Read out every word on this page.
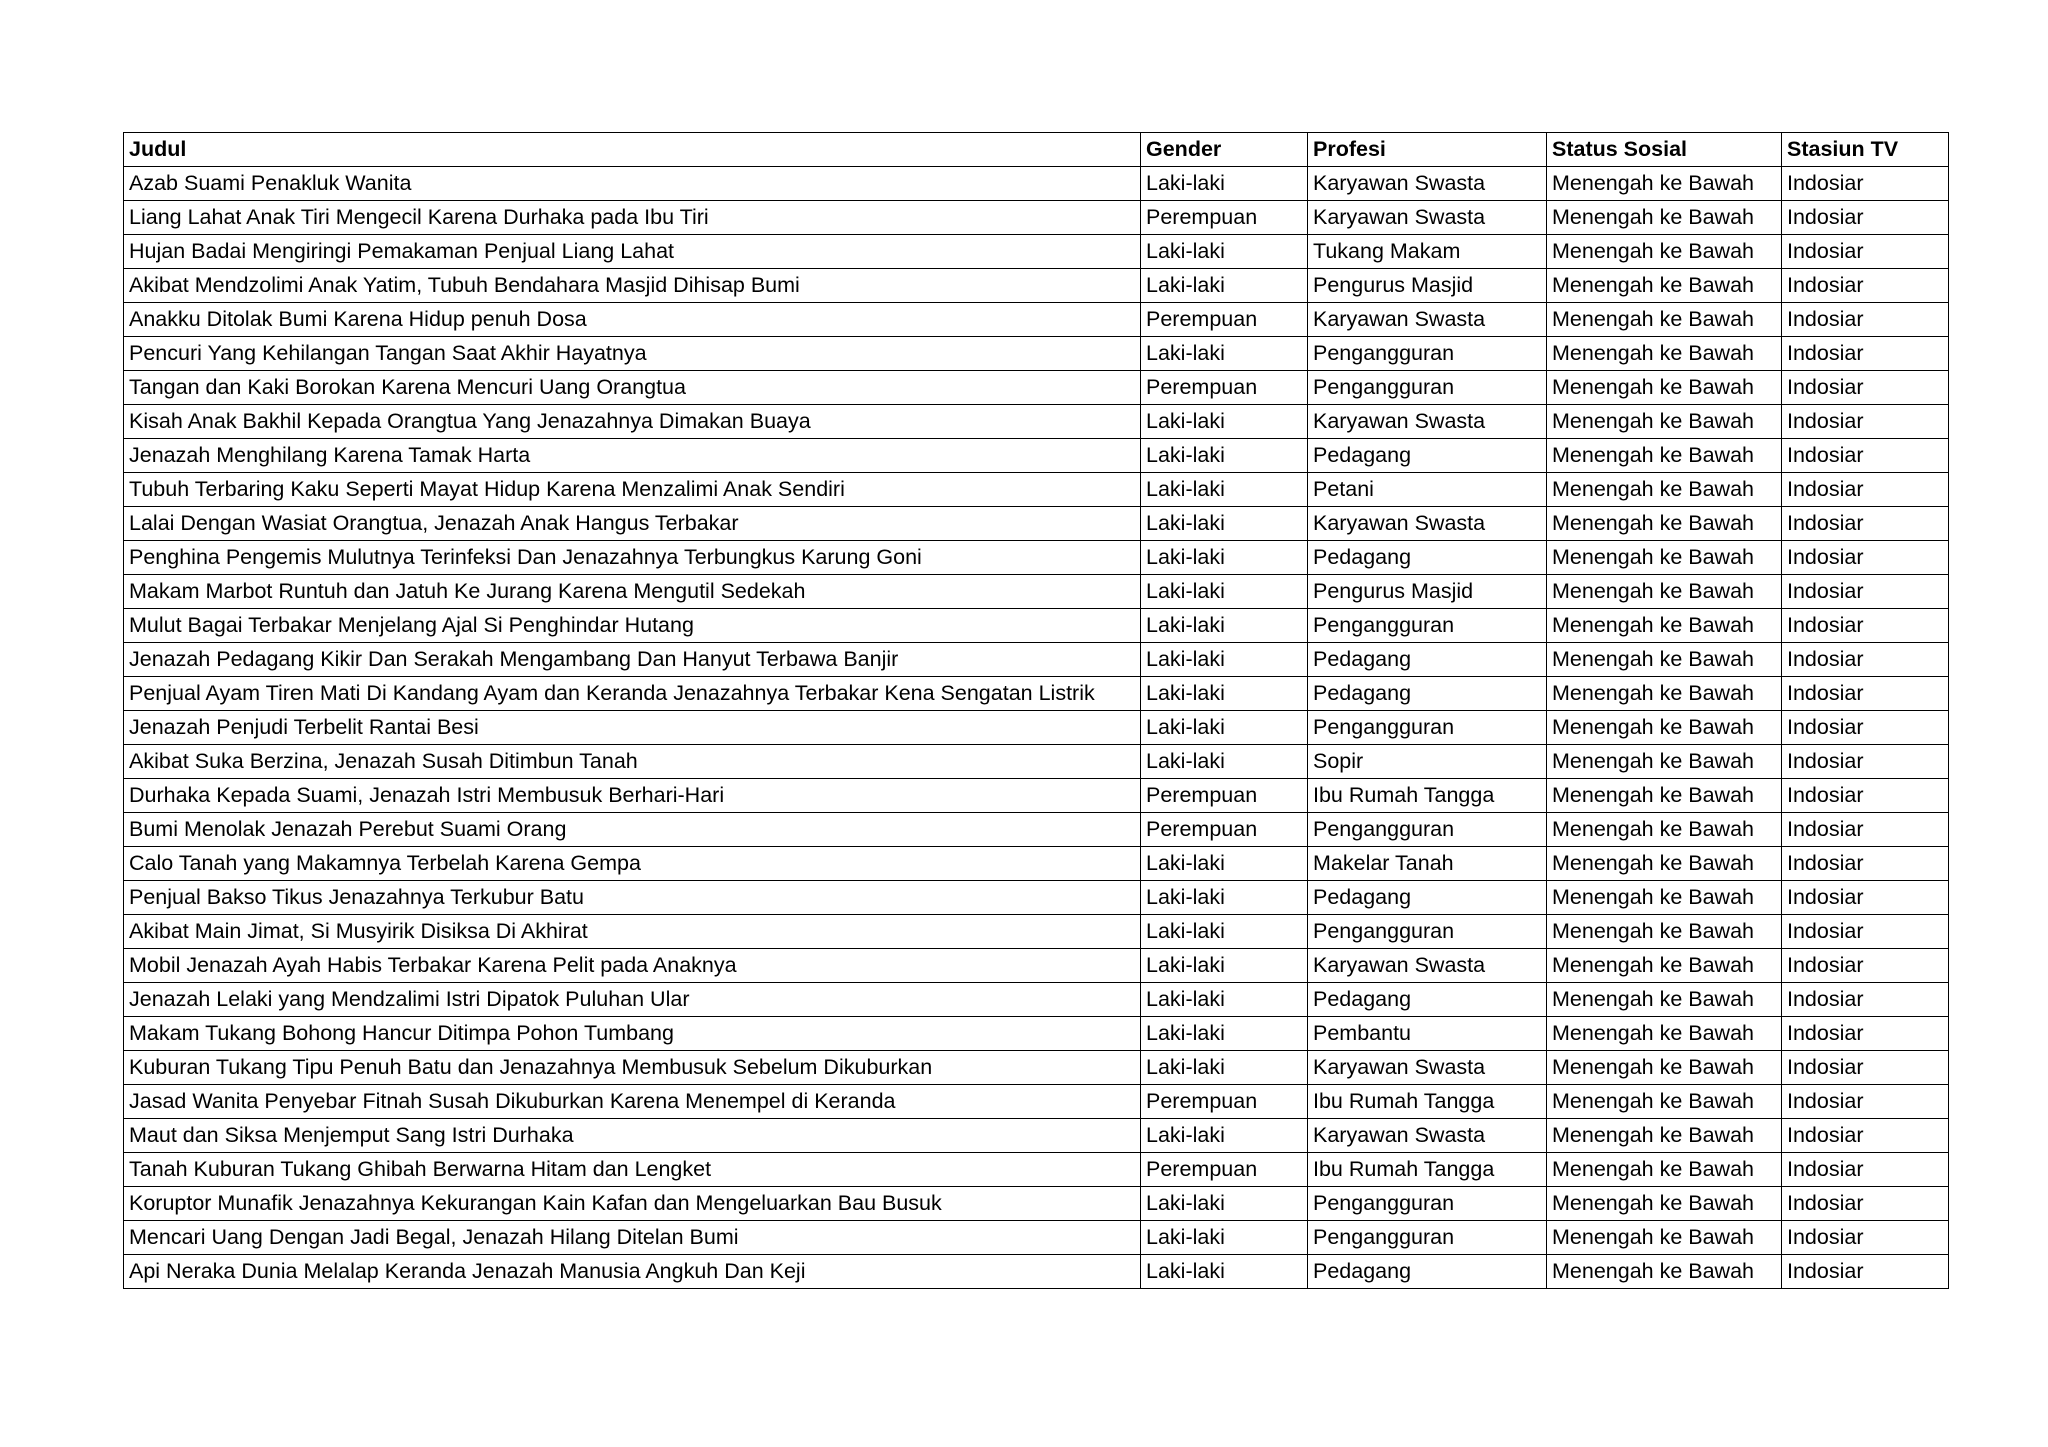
Judul	Gender	Profesi	Status Sosial	Stasiun TV
Azab Suami Penakluk Wanita	Laki-laki	Karyawan Swasta	Menengah ke Bawah	Indosiar
Liang Lahat Anak Tiri Mengecil Karena Durhaka pada Ibu Tiri	Perempuan	Karyawan Swasta	Menengah ke Bawah	Indosiar
Hujan Badai Mengiringi Pemakaman Penjual Liang Lahat	Laki-laki	Tukang Makam	Menengah ke Bawah	Indosiar
Akibat Mendzolimi Anak Yatim, Tubuh Bendahara Masjid Dihisap Bumi	Laki-laki	Pengurus Masjid	Menengah ke Bawah	Indosiar
Anakku Ditolak Bumi Karena Hidup penuh Dosa	Perempuan	Karyawan Swasta	Menengah ke Bawah	Indosiar
Pencuri Yang Kehilangan Tangan Saat Akhir Hayatnya	Laki-laki	Pengangguran	Menengah ke Bawah	Indosiar
Tangan dan Kaki Borokan Karena Mencuri Uang Orangtua	Perempuan	Pengangguran	Menengah ke Bawah	Indosiar
Kisah Anak Bakhil Kepada Orangtua Yang Jenazahnya Dimakan Buaya	Laki-laki	Karyawan Swasta	Menengah ke Bawah	Indosiar
Jenazah Menghilang Karena Tamak Harta	Laki-laki	Pedagang	Menengah ke Bawah	Indosiar
Tubuh Terbaring Kaku Seperti Mayat Hidup Karena Menzalimi Anak Sendiri	Laki-laki	Petani	Menengah ke Bawah	Indosiar
Lalai Dengan Wasiat Orangtua, Jenazah Anak Hangus Terbakar	Laki-laki	Karyawan Swasta	Menengah ke Bawah	Indosiar
Penghina Pengemis Mulutnya Terinfeksi Dan Jenazahnya Terbungkus Karung Goni	Laki-laki	Pedagang	Menengah ke Bawah	Indosiar
Makam Marbot Runtuh dan Jatuh Ke Jurang Karena Mengutil Sedekah	Laki-laki	Pengurus Masjid	Menengah ke Bawah	Indosiar
Mulut Bagai Terbakar Menjelang Ajal Si Penghindar Hutang	Laki-laki	Pengangguran	Menengah ke Bawah	Indosiar
Jenazah Pedagang Kikir Dan Serakah Mengambang Dan Hanyut Terbawa Banjir	Laki-laki	Pedagang	Menengah ke Bawah	Indosiar
Penjual Ayam Tiren Mati Di Kandang Ayam dan Keranda Jenazahnya Terbakar Kena Sengatan Listrik	Laki-laki	Pedagang	Menengah ke Bawah	Indosiar
Jenazah Penjudi Terbelit Rantai Besi	Laki-laki	Pengangguran	Menengah ke Bawah	Indosiar
Akibat Suka Berzina, Jenazah Susah Ditimbun Tanah	Laki-laki	Sopir	Menengah ke Bawah	Indosiar
Durhaka Kepada Suami, Jenazah Istri Membusuk Berhari-Hari	Perempuan	Ibu Rumah Tangga	Menengah ke Bawah	Indosiar
Bumi Menolak Jenazah Perebut Suami Orang	Perempuan	Pengangguran	Menengah ke Bawah	Indosiar
Calo Tanah yang Makamnya Terbelah Karena Gempa	Laki-laki	Makelar Tanah	Menengah ke Bawah	Indosiar
Penjual Bakso Tikus Jenazahnya Terkubur Batu	Laki-laki	Pedagang	Menengah ke Bawah	Indosiar
Akibat Main Jimat, Si Musyirik Disiksa Di Akhirat	Laki-laki	Pengangguran	Menengah ke Bawah	Indosiar
Mobil Jenazah Ayah Habis Terbakar Karena Pelit pada Anaknya	Laki-laki	Karyawan Swasta	Menengah ke Bawah	Indosiar
Jenazah Lelaki yang Mendzalimi Istri Dipatok Puluhan Ular	Laki-laki	Pedagang	Menengah ke Bawah	Indosiar
Makam Tukang Bohong Hancur Ditimpa Pohon Tumbang	Laki-laki	Pembantu	Menengah ke Bawah	Indosiar
Kuburan Tukang Tipu Penuh Batu dan Jenazahnya Membusuk Sebelum Dikuburkan	Laki-laki	Karyawan Swasta	Menengah ke Bawah	Indosiar
Jasad Wanita Penyebar Fitnah Susah Dikuburkan Karena Menempel di Keranda	Perempuan	Ibu Rumah Tangga	Menengah ke Bawah	Indosiar
Maut dan Siksa Menjemput Sang Istri Durhaka	Laki-laki	Karyawan Swasta	Menengah ke Bawah	Indosiar
Tanah Kuburan Tukang Ghibah Berwarna Hitam dan Lengket	Perempuan	Ibu Rumah Tangga	Menengah ke Bawah	Indosiar
Koruptor Munafik Jenazahnya Kekurangan Kain Kafan dan Mengeluarkan Bau Busuk	Laki-laki	Pengangguran	Menengah ke Bawah	Indosiar
Mencari Uang Dengan Jadi Begal, Jenazah Hilang Ditelan Bumi	Laki-laki	Pengangguran	Menengah ke Bawah	Indosiar
Api Neraka Dunia Melalap Keranda Jenazah Manusia Angkuh Dan Keji	Laki-laki	Pedagang	Menengah ke Bawah	Indosiar
